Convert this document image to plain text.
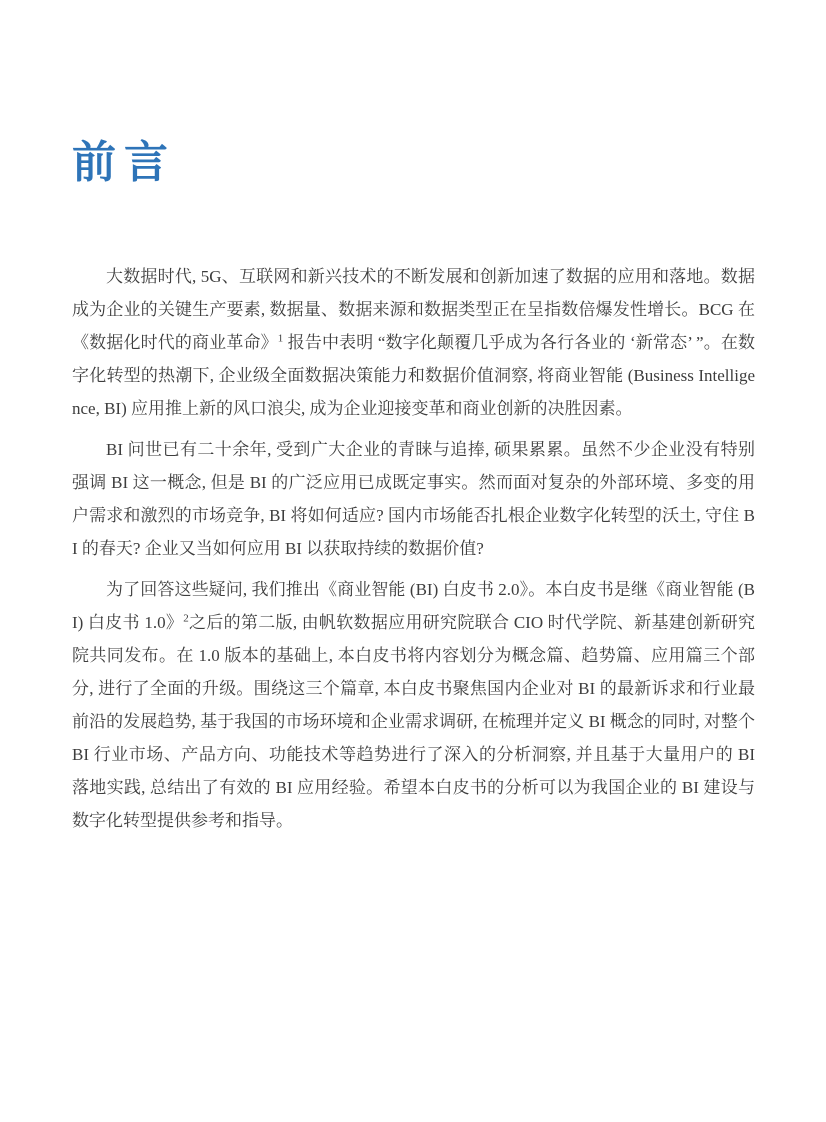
前言

大数据时代, 5G、互联网和新兴技术的不断发展和创新加速了数据的应用和落地。数据成为企业的关键生产要素, 数据量、数据来源和数据类型正在呈指数倍爆发性增长。BCG 在《数据化时代的商业革命》$^1$ 报告中表明 “数字化颠覆几乎成为各行各业的 ‘新常态’ ”。在数字化转型的热潮下, 企业级全面数据决策能力和数据价值洞察, 将商业智能 (Business Intelligence, BI) 应用推上新的风口浪尖, 成为企业迎接变革和商业创新的决胜因素。

BI 问世已有二十余年, 受到广大企业的青睐与追捧, 硕果累累。虽然不少企业没有特别强调 BI 这一概念, 但是 BI 的广泛应用已成既定事实。然而面对复杂的外部环境、多变的用户需求和激烈的市场竞争, BI 将如何适应? 国内市场能否扎根企业数字化转型的沃土, 守住 BI 的春天? 企业又当如何应用 BI 以获取持续的数据价值?

为了回答这些疑问, 我们推出《商业智能 (BI) 白皮书 2.0》。本白皮书是继《商业智能 (BI) 白皮书 1.0》$^2$之后的第二版, 由帆软数据应用研究院联合 CIO 时代学院、新基建创新研究院共同发布。在 1.0 版本的基础上, 本白皮书将内容划分为概念篇、趋势篇、应用篇三个部分, 进行了全面的升级。围绕这三个篇章, 本白皮书聚焦国内企业对 BI 的最新诉求和行业最前沿的发展趋势, 基于我国的市场环境和企业需求调研, 在梳理并定义 BI 概念的同时, 对整个 BI 行业市场、产品方向、功能技术等趋势进行了深入的分析洞察, 并且基于大量用户的 BI 落地实践, 总结出了有效的 BI 应用经验。希望本白皮书的分析可以为我国企业的 BI 建设与数字化转型提供参考和指导。
